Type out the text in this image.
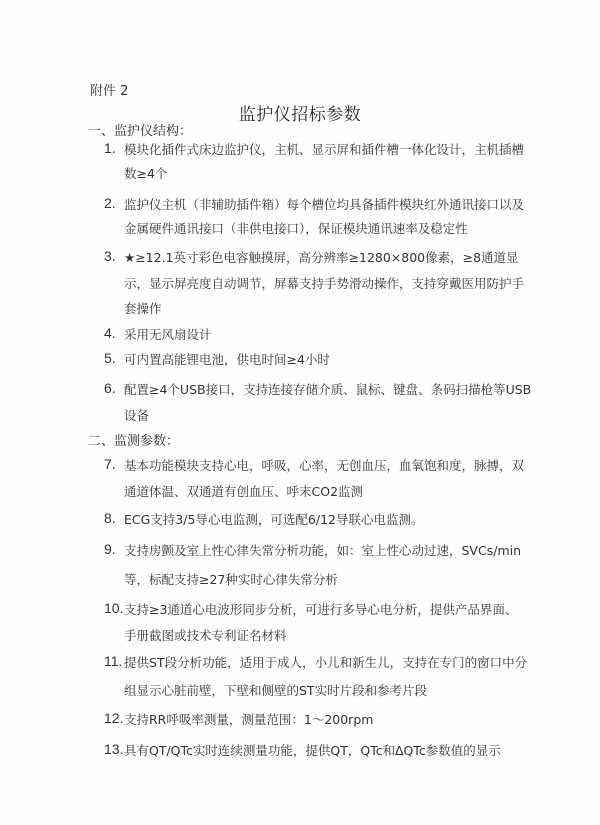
附件 2
监护仪招标参数
一、监护仪结构：
1. 模块化插件式床边监护仪，主机、显示屏和插件槽一体化设计，主机插槽
数≥4个
2. 监护仪主机（非辅助插件箱）每个槽位均具备插件模块红外通讯接口以及
金属硬件通讯接口（非供电接口），保证模块通讯速率及稳定性
3. ★≥12.1英寸彩色电容触摸屏，高分辨率≥1280×800像素，≥8通道显
示，显示屏亮度自动调节，屏幕支持手势滑动操作，支持穿戴医用防护手
套操作
4. 采用无风扇设计
5. 可内置高能锂电池，供电时间≥4小时
6. 配置≥4个USB接口，支持连接存储介质、鼠标、键盘、条码扫描枪等USB
设备
二、监测参数：
7. 基本功能模块支持心电，呼吸，心率，无创血压，血氧饱和度，脉搏，双
通道体温、双通道有创血压、呼末CO2监测
8. ECG支持3/5导心电监测，可选配6/12导联心电监测。
9. 支持房颤及室上性心律失常分析功能，如：室上性心动过速，SVCs/min
等，标配支持≥27种实时心律失常分析
10. 支持≥3通道心电波形同步分析，可进行多导心电分析，提供产品界面、
手册截图或技术专利证名材料
11. 提供ST段分析功能，适用于成人，小儿和新生儿，支持在专门的窗口中分
组显示心脏前壁，下壁和侧壁的ST实时片段和参考片段
12. 支持RR呼吸率测量，测量范围：1～200rpm
13. 具有QT/QTc实时连续测量功能，提供QT，QTc和∆QTc参数值的显示
